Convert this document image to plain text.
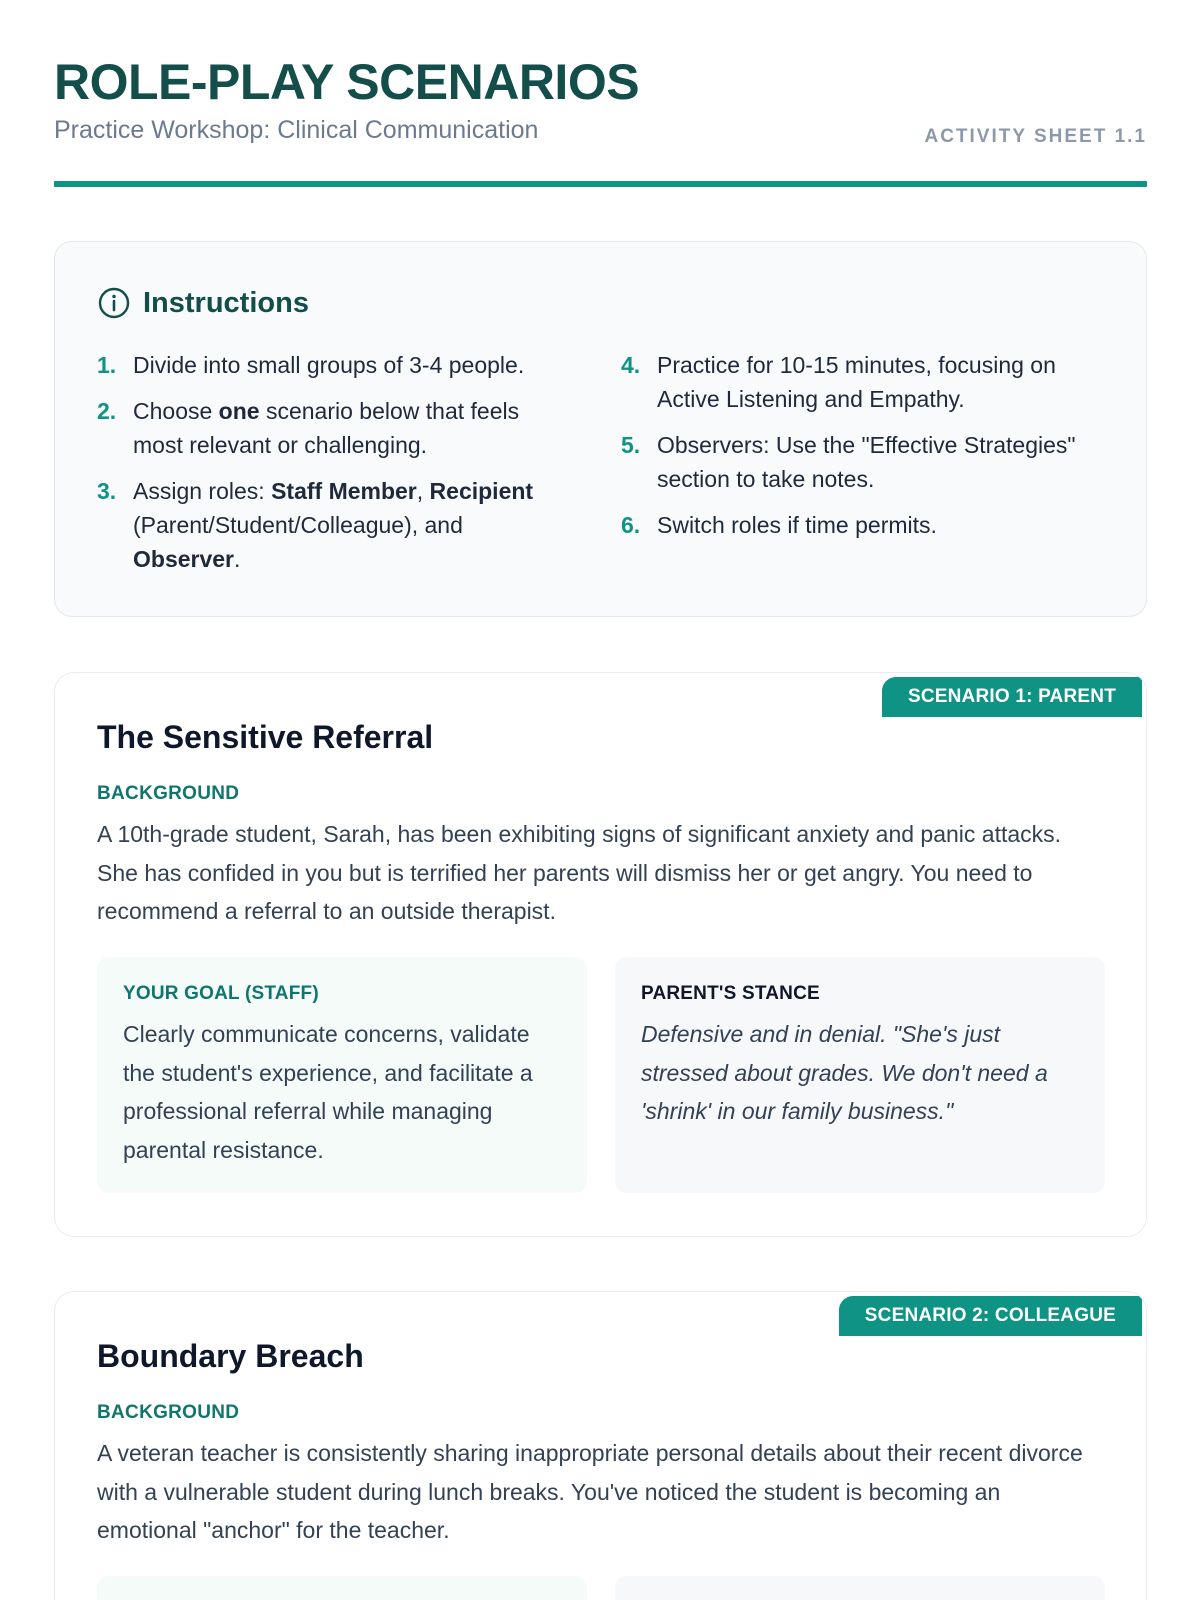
ROLE-PLAY SCENARIOS
Practice Workshop: Clinical Communication	ACTIVITY SHEET 1.1
Instructions
1. Divide into small groups of 3-4 people.
2. Choose one scenario below that feels most relevant or challenging.
3. Assign roles: Staff Member, Recipient (Parent/Student/Colleague), and Observer.
4. Practice for 10-15 minutes, focusing on Active Listening and Empathy.
5. Observers: Use the "Effective Strategies" section to take notes.
6. Switch roles if time permits.
SCENARIO 1: PARENT
The Sensitive Referral
BACKGROUND

A 10th-grade student, Sarah, has been exhibiting signs of significant anxiety and panic attacks. She has confided in you but is terrified her parents will dismiss her or get angry. You need to recommend a referral to an outside therapist.

YOUR GOAL (STAFF)

Clearly communicate concerns, validate the student's experience, and facilitate a professional referral while managing parental resistance.

PARENT'S STANCE

Defensive and in denial. "She's just stressed about grades. We don't need a 'shrink' in our family business."

SCENARIO 2: COLLEAGUE
Boundary Breach
BACKGROUND

A veteran teacher is consistently sharing inappropriate personal details about their recent divorce with a vulnerable student during lunch breaks. You've noticed the student is becoming an emotional "anchor" for the teacher.
